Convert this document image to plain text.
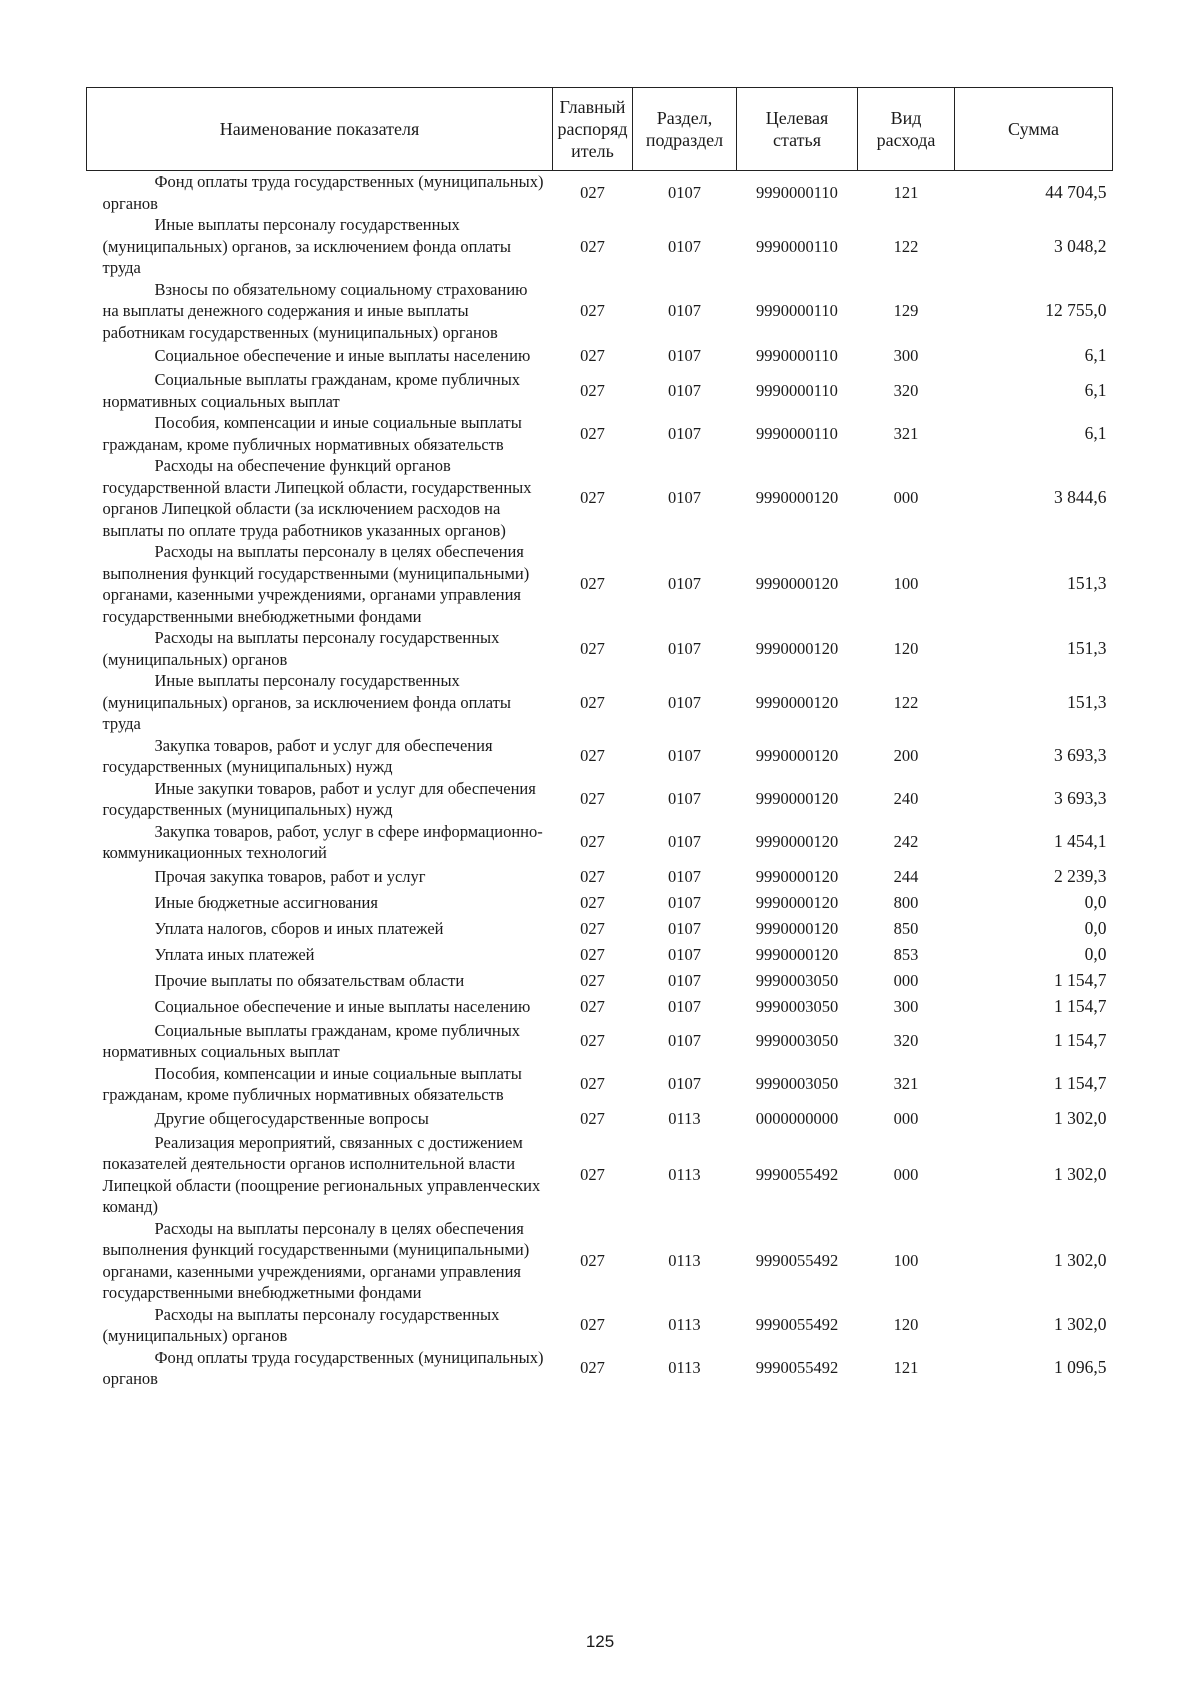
Наименование показателя	Главный распоряд итель	Раздел, подраздел	Целевая статья	Вид расхода	Сумма
Фонд оплаты труда государственных (муниципальных) органов	027	0107	9990000110	121	44 704,5
Иные выплаты персоналу государственных (муниципальных) органов, за исключением фонда оплаты труда	027	0107	9990000110	122	3 048,2
Взносы по обязательному социальному страхованию на выплаты денежного содержания и иные выплаты работникам государственных (муниципальных) органов	027	0107	9990000110	129	12 755,0
Социальное обеспечение и иные выплаты населению	027	0107	9990000110	300	6,1
Социальные выплаты гражданам, кроме публичных нормативных социальных выплат	027	0107	9990000110	320	6,1
Пособия, компенсации и иные социальные выплаты гражданам, кроме публичных нормативных обязательств	027	0107	9990000110	321	6,1
Расходы на обеспечение функций органов государственной власти Липецкой области, государственных органов Липецкой области (за исключением расходов на выплаты по оплате труда работников указанных органов)	027	0107	9990000120	000	3 844,6
Расходы на выплаты персоналу в целях обеспечения выполнения функций государственными (муниципальными) органами, казенными учреждениями, органами управления государственными внебюджетными фондами	027	0107	9990000120	100	151,3
Расходы на выплаты персоналу государственных (муниципальных) органов	027	0107	9990000120	120	151,3
Иные выплаты персоналу государственных (муниципальных) органов, за исключением фонда оплаты труда	027	0107	9990000120	122	151,3
Закупка товаров, работ и услуг для обеспечения государственных (муниципальных) нужд	027	0107	9990000120	200	3 693,3
Иные закупки товаров, работ и услуг для обеспечения государственных (муниципальных) нужд	027	0107	9990000120	240	3 693,3
Закупка товаров, работ, услуг в сфере информационно-коммуникационных технологий	027	0107	9990000120	242	1 454,1
Прочая закупка товаров, работ и услуг	027	0107	9990000120	244	2 239,3
Иные бюджетные ассигнования	027	0107	9990000120	800	0,0
Уплата налогов, сборов и иных платежей	027	0107	9990000120	850	0,0
Уплата иных платежей	027	0107	9990000120	853	0,0
Прочие выплаты по обязательствам области	027	0107	9990003050	000	1 154,7
Социальное обеспечение и иные выплаты населению	027	0107	9990003050	300	1 154,7
Социальные выплаты гражданам, кроме публичных нормативных социальных выплат	027	0107	9990003050	320	1 154,7
Пособия, компенсации и иные социальные выплаты гражданам, кроме публичных нормативных обязательств	027	0107	9990003050	321	1 154,7
Другие общегосударственные вопросы	027	0113	0000000000	000	1 302,0
Реализация мероприятий, связанных с достижением показателей деятельности органов исполнительной власти Липецкой области (поощрение региональных управленческих команд)	027	0113	9990055492	000	1 302,0
Расходы на выплаты персоналу в целях обеспечения выполнения функций государственными (муниципальными) органами, казенными учреждениями, органами управления государственными внебюджетными фондами	027	0113	9990055492	100	1 302,0
Расходы на выплаты персоналу государственных (муниципальных) органов	027	0113	9990055492	120	1 302,0
Фонд оплаты труда государственных (муниципальных) органов	027	0113	9990055492	121	1 096,5
125
